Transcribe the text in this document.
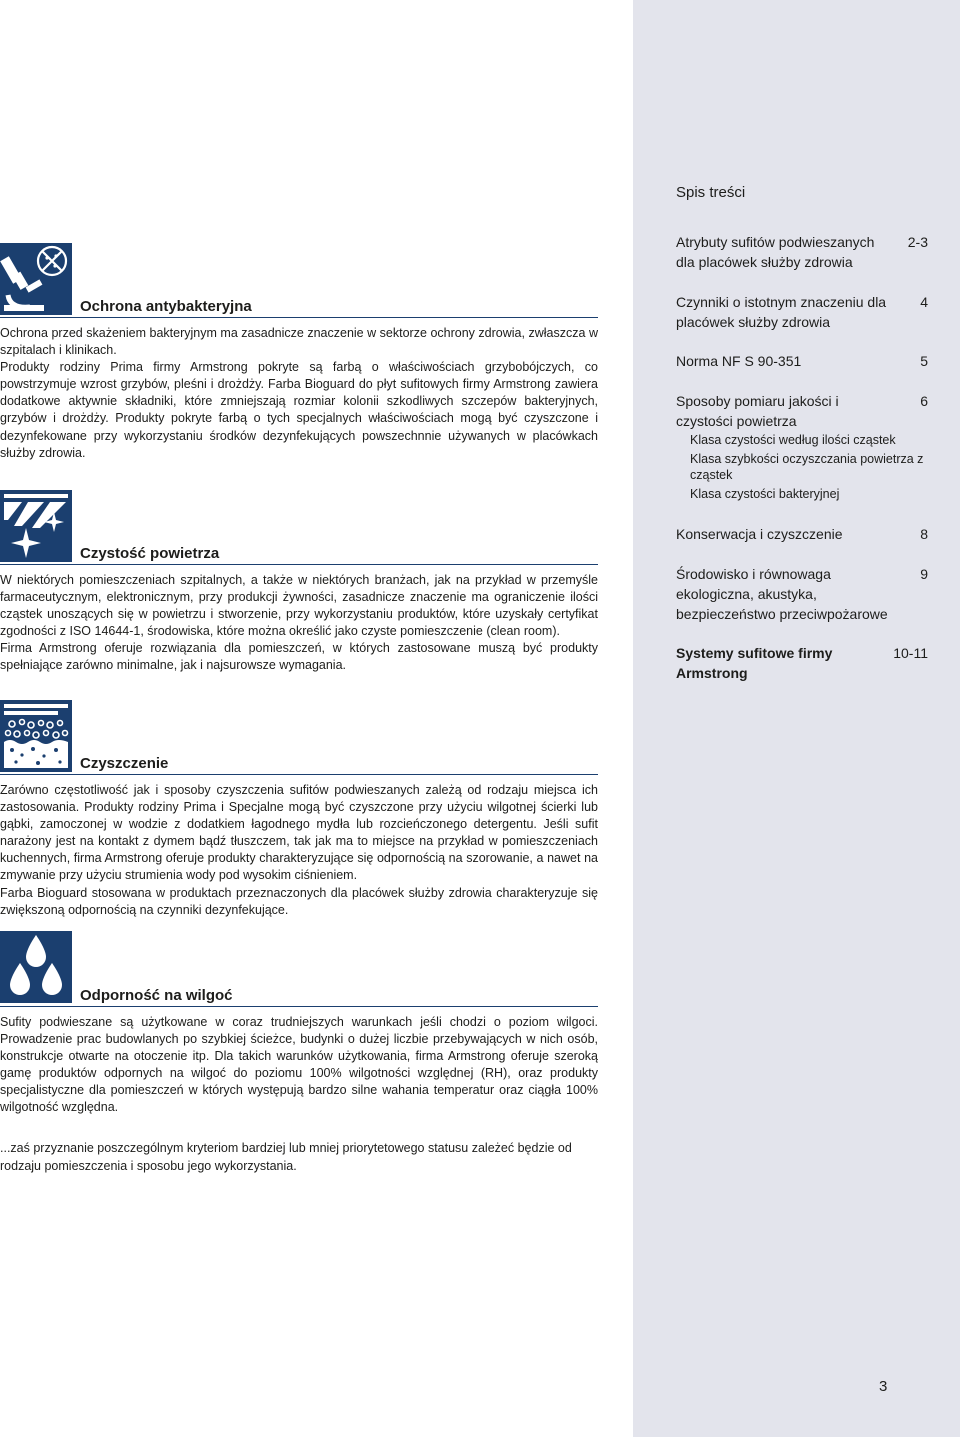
Spis treści
Atrybuty sufitów podwieszanych dla placówek służby zdrowia
2-3
Czynniki o istotnym znaczeniu dla placówek służby zdrowia
4
Norma NF S 90-351	5
Sposoby pomiaru jakości i czystości powietrza
6
Klasa czystości według ilości cząstek
Klasa szybkości oczyszczania powietrza z cząstek
Klasa czystości bakteryjnej
Konserwacja i czyszczenie	8
Środowisko i równowaga ekologiczna, akustyka, bezpieczeństwo przeciwpożarowe
9
Systemy sufitowe firmy Armstrong
10-11
3
Ochrona antybakteryjna
Ochrona przed skażeniem bakteryjnym ma zasadnicze znaczenie w sektorze ochrony zdrowia, zwłaszcza w szpitalach i klinikach.
Produkty rodziny Prima firmy Armstrong pokryte są farbą o właściwościach grzybobójczych, co powstrzymuje wzrost grzybów, pleśni i drożdży. Farba Bioguard do płyt sufitowych firmy Armstrong zawiera dodatkowe aktywnie składniki, które zmniejszają rozmiar kolonii szkodliwych szczepów bakteryjnych, grzybów i drożdży. Produkty pokryte farbą o tych specjalnych właściwościach mogą być czyszczone i dezynfekowane przy wykorzystaniu środków dezynfekujących powszechnnie używanych w placówkach służby zdrowia.
Czystość powietrza
W niektórych pomieszczeniach szpitalnych, a także w niektórych branżach, jak na przykład w przemyśle farmaceutycznym, elektronicznym, przy produkcji żywności, zasadnicze znaczenie ma ograniczenie ilości cząstek unoszących się w powietrzu i stworzenie, przy wykorzystaniu produktów, które uzyskały certyfikat zgodności z ISO 14644-1, środowiska, które można określić jako czyste pomieszczenie (clean room).
Firma Armstrong oferuje rozwiązania dla pomieszczeń, w których zastosowane muszą być produkty spełniające zarówno minimalne, jak i najsurowsze wymagania.
Czyszczenie
Zarówno częstotliwość jak i sposoby czyszczenia sufitów podwieszanych zależą od rodzaju miejsca ich zastosowania. Produkty rodziny Prima i Specjalne mogą być czyszczone przy użyciu wilgotnej ścierki lub gąbki, zamoczonej w wodzie z dodatkiem łagodnego mydła lub rozcieńczonego detergentu. Jeśli sufit narażony jest na kontakt z dymem bądź tłuszczem, tak jak ma to miejsce na przykład w pomieszczeniach kuchennych, firma Armstrong oferuje produkty charakteryzujące się odpornością na szorowanie, a nawet na zmywanie przy użyciu strumienia wody pod wysokim ciśnieniem.
Farba Bioguard stosowana w produktach przeznaczonych dla placówek służby zdrowia charakteryzuje się zwiększoną odpornością na czynniki dezynfekujące.
Odporność na wilgoć
Sufity podwieszane są użytkowane w coraz trudniejszych warunkach jeśli chodzi o poziom wilgoci. Prowadzenie prac budowlanych po szybkiej ścieżce, budynki o dużej liczbie przebywających w nich osób, konstrukcje otwarte na otoczenie itp. Dla takich warunków użytkowania, firma Armstrong oferuje szeroką gamę produktów odpornych na wilgoć do poziomu 100% wilgotności względnej (RH), oraz produkty specjalistyczne dla pomieszczeń w których występują bardzo silne wahania temperatur oraz ciągła 100% wilgotność względna.

...zaś przyznanie poszczególnym kryteriom bardziej lub mniej priorytetowego statusu zależeć będzie od rodzaju pomieszczenia i sposobu jego wykorzystania.
